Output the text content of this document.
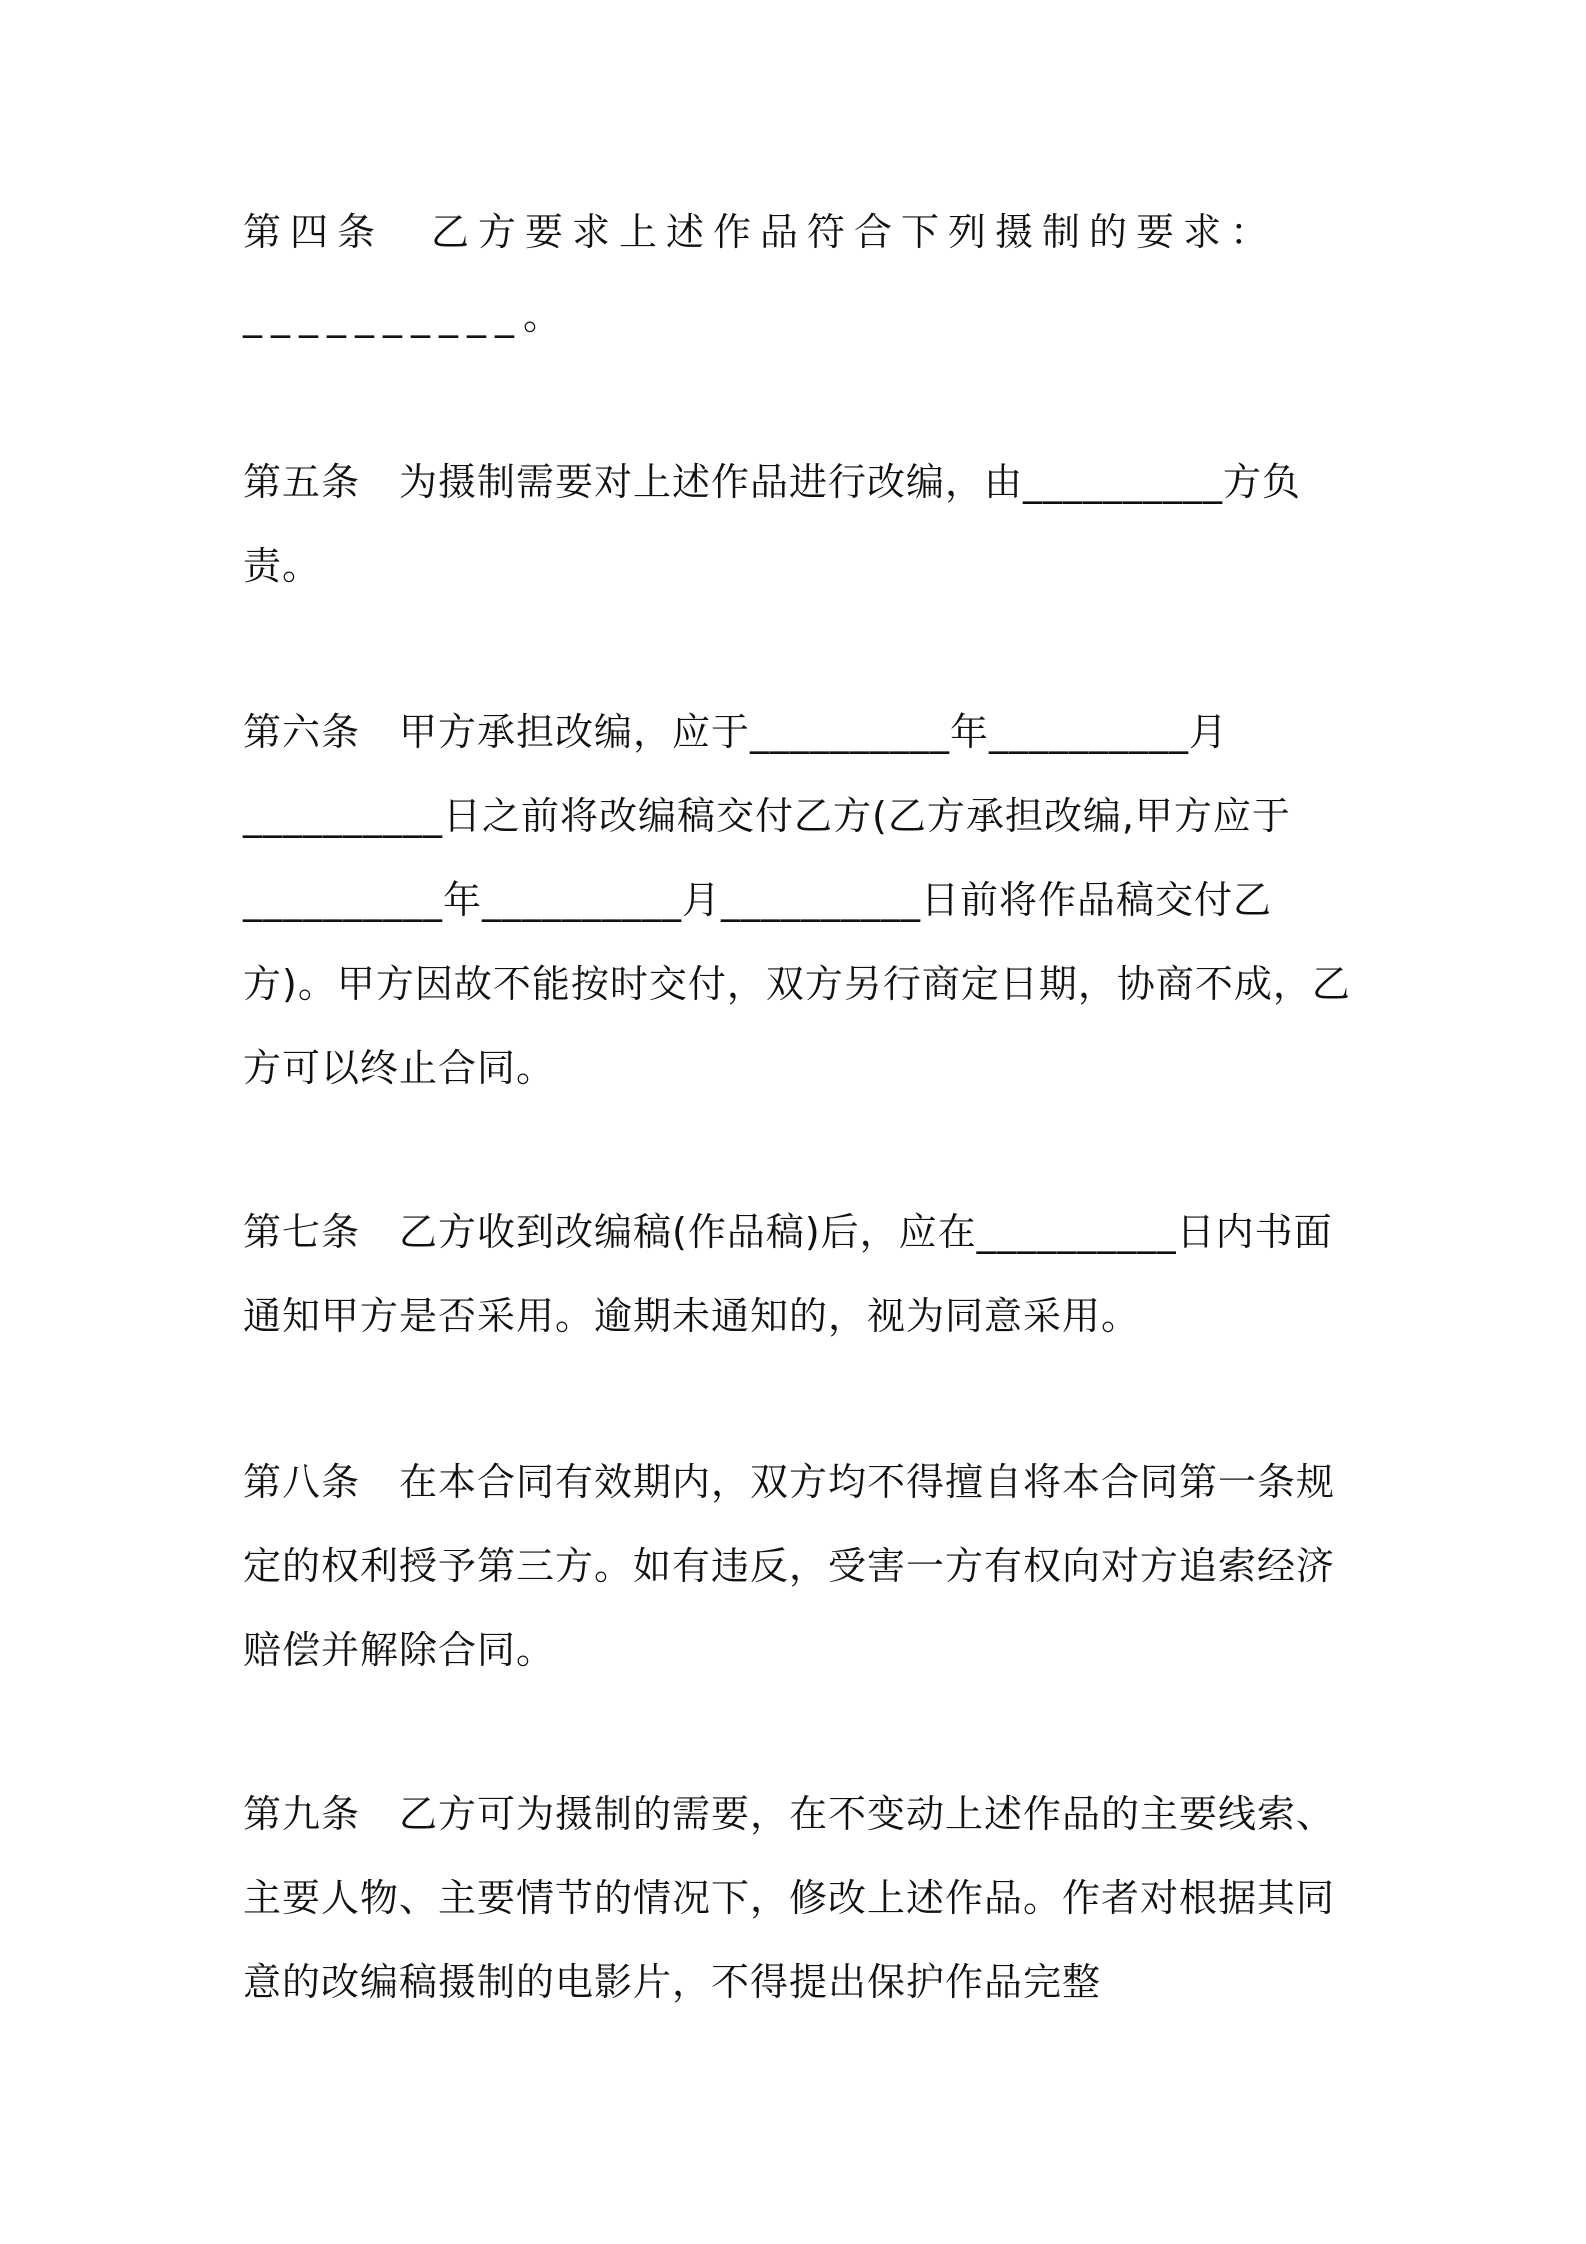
第四条　 乙方要求上述作品符合下列摄制的要求：__________。

第五条　 为摄制需要对上述作品进行改编，由__________方负责。

第六条　 甲方承担改编，应于__________年__________月__________日之前将改编稿交付乙方(乙方承担改编,甲方应于__________年__________月__________日前将作品稿交付乙方)。甲方因故不能按时交付，双方另行商定日期，协商不成，乙方可以终止合同。

第七条　 乙方收到改编稿(作品稿)后，应在__________日内书面通知甲方是否采用。逾期未通知的，视为同意采用。

第八条　 在本合同有效期内，双方均不得擅自将本合同第一条规定的权利授予第三方。如有违反，受害一方有权向对方追索经济赔偿并解除合同。

第九条　 乙方可为摄制的需要，在不变动上述作品的主要线索、主要人物、主要情节的情况下，修改上述作品。作者对根据其同意的改编稿摄制的电影片，不得提出保护作品完整
